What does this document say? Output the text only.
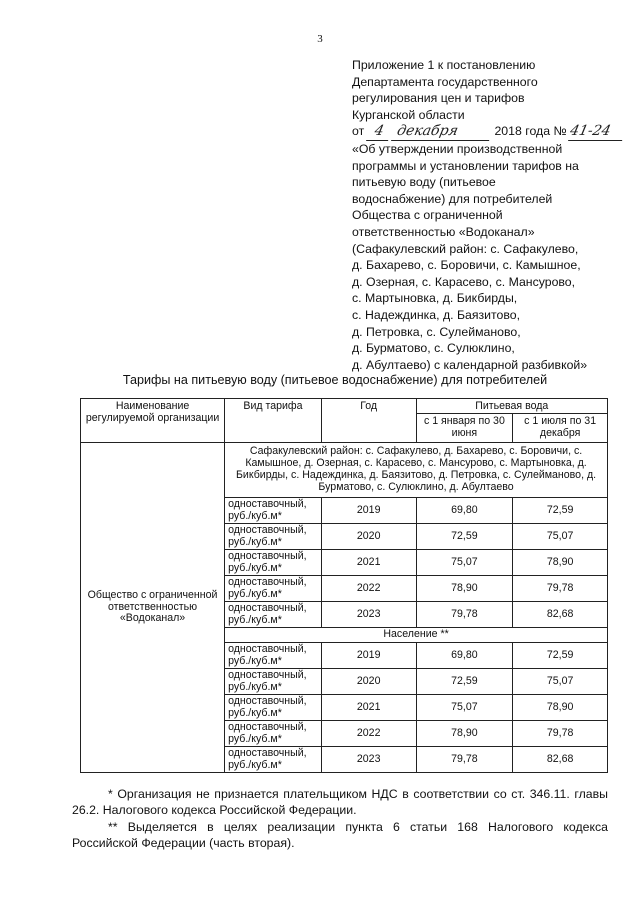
3
Приложение 1 к постановлению
Департамента государственного
регулирования цен и тарифов
Курганской области
от 4 декабря	2018 года № 41-24
«Об утверждении производственной
программы и установлении тарифов на
питьевую воду (питьевое
водоснабжение) для потребителей
Общества с ограниченной
ответственностью «Водоканал»
(Сафакулевский район: с. Сафакулево,
д. Бахарево, с. Боровичи, с. Камышное,
д. Озерная, с. Карасево, с. Мансурово,
с. Мартыновка, д. Бикбирды,
с. Надеждинка, д. Баязитово,
д. Петровка, с. Сулейманово,
д. Бурматово, с. Сулюклино,
д. Абултаево) с календарной разбивкой»
Тарифы на питьевую воду (питьевое водоснабжение) для потребителей
Наименование регулируемой организации	Вид тарифа	Год	Питьевая вода	
			с 1 января по 30 июня	с 1 июля по 31 декабря
Общество с ограниченной ответственностью «Водоканал»	Сафакулевский район: с. Сафакулево, д. Бахарево, с. Боровичи, с. Камышное, д. Озерная, с. Карасево, с. Мансурово, с. Мартыновка, д. Бикбирды, с. Надеждинка, д. Баязитово, д. Петровка, с. Сулейманово, д. Бурматово, с. Сулюклино, д. Абултаево			
	одноставочный, руб./куб.м*	2019	69,80	72,59
	одноставочный, руб./куб.м*	2020	72,59	75,07
	одноставочный, руб./куб.м*	2021	75,07	78,90
	одноставочный, руб./куб.м*	2022	78,90	79,78
	одноставочный, руб./куб.м*	2023	79,78	82,68
	Население **			
	одноставочный, руб./куб.м*	2019	69,80	72,59
	одноставочный, руб./куб.м*	2020	72,59	75,07
	одноставочный, руб./куб.м*	2021	75,07	78,90
	одноставочный, руб./куб.м*	2022	78,90	79,78
	одноставочный, руб./куб.м*	2023	79,78	82,68

* Организация не признается плательщиком НДС в соответствии со ст. 346.11. главы 26.2. Налогового кодекса Российской Федерации.

** Выделяется в целях реализации пункта 6 статьи 168 Налогового кодекса Российской Федерации (часть вторая).
